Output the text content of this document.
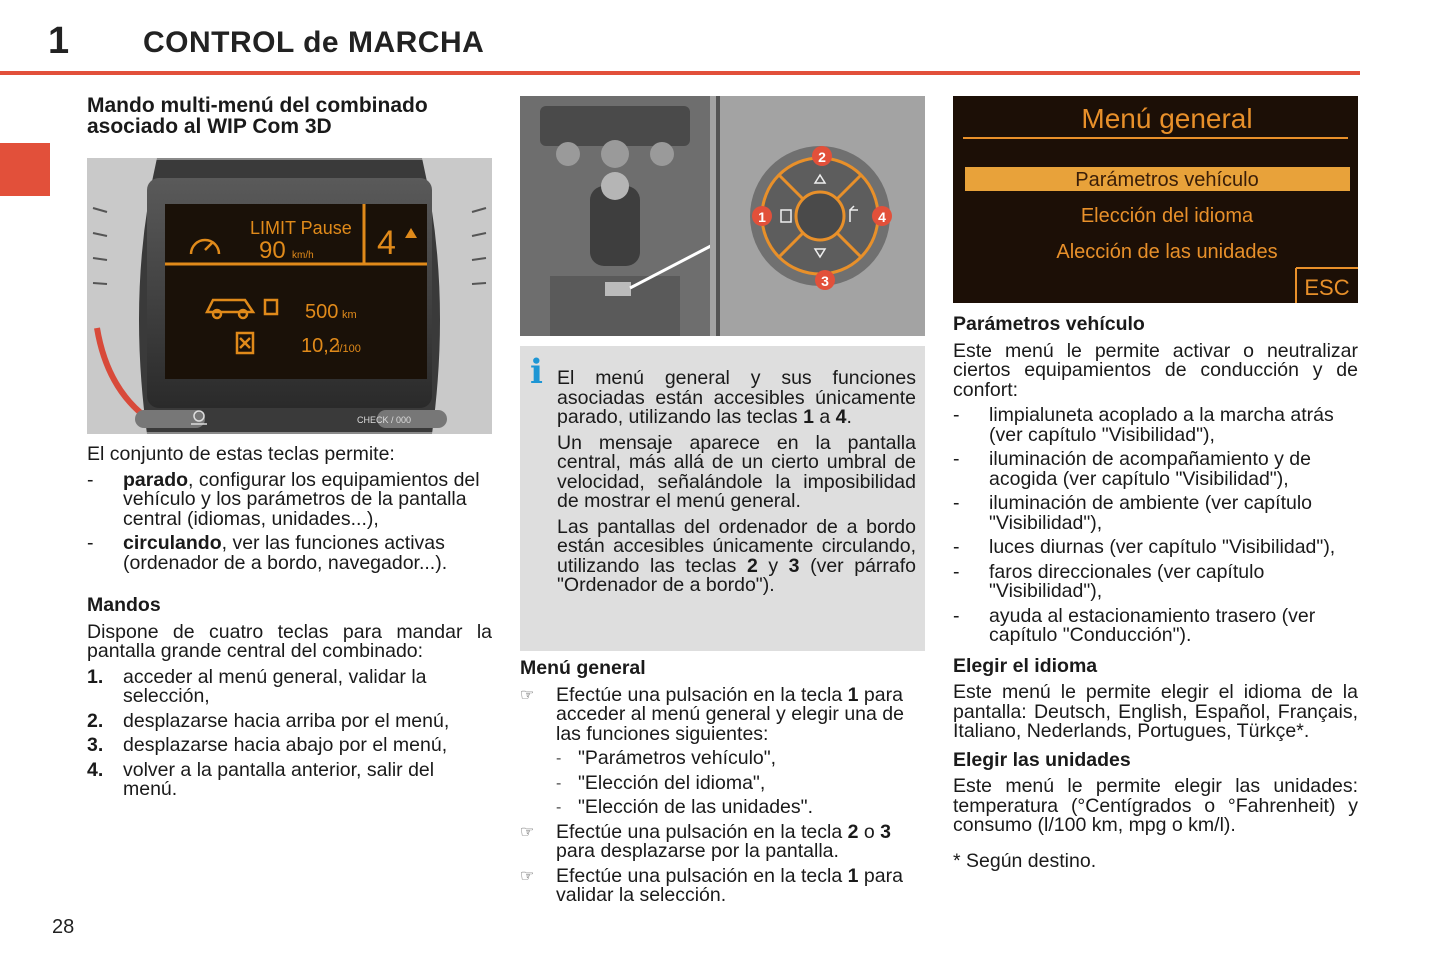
1 CONTROL de MARCHA

Mando multi-menú del combinado asociado al WIP Com 3D

LIMIT Pause
90 km/h 4
500 km
10,2
l/100
CHECK / 000

El conjunto de estas teclas permite:

- parado, configurar los equipamientos del vehículo y los parámetros de la pantalla central (idiomas, unidades...),
- circulando, ver las funciones activas (ordenador de a bordo, navegador...).

Mandos

Dispone de cuatro teclas para mandar la pantalla grande central del combinado:

1. acceder al menú general, validar la selección,
2. desplazarse hacia arriba por el menú,
3. desplazarse hacia abajo por el menú,
4. volver a la pantalla anterior, salir del menú.
2
1
3
4
i El menú general y sus funciones asociadas están accesibles únicamente parado, utilizando las teclas 1 a 4.

Un mensaje aparece en la pantalla central, más allá de un cierto umbral de velocidad, señalándole la imposibilidad de mostrar el menú general.

Las pantallas del ordenador de a bordo están accesibles únicamente circulando, utilizando las teclas 2 y 3 (ver párrafo "Ordenador de a bordo").

Menú general

☞ Efectúe una pulsación en la tecla 1 para acceder al menú general y elegir una de las funciones siguientes:
- "Parámetros vehículo",
- "Elección del idioma",
- "Elección de las unidades".
☞ Efectúe una pulsación en la tecla 2 o 3 para desplazarse por la pantalla.
☞ Efectúe una pulsación en la tecla 1 para validar la selección.
Menú general
Parámetros vehículo
Elección del idioma
Alección de las unidades
ESC

Parámetros vehículo

Este menú le permite activar o neutralizar ciertos equipamientos de conducción y de confort:

- limpialuneta acoplado a la marcha atrás (ver capítulo "Visibilidad"),
- iluminación de acompañamiento y de acogida (ver capítulo "Visibilidad"),
- iluminación de ambiente (ver capítulo "Visibilidad"),
- luces diurnas (ver capítulo "Visibilidad"),
- faros direccionales (ver capítulo "Visibilidad"),
- ayuda al estacionamiento trasero (ver capítulo "Conducción").

Elegir el idioma

Este menú le permite elegir el idioma de la pantalla: Deutsch, English, Español, Français, Italiano, Nederlands, Portugues, Türkçe*.

Elegir las unidades

Este menú le permite elegir las unidades: temperatura (°Centígrados o °Fahrenheit) y consumo (l/100 km, mpg o km/l).

* Según destino.

28
